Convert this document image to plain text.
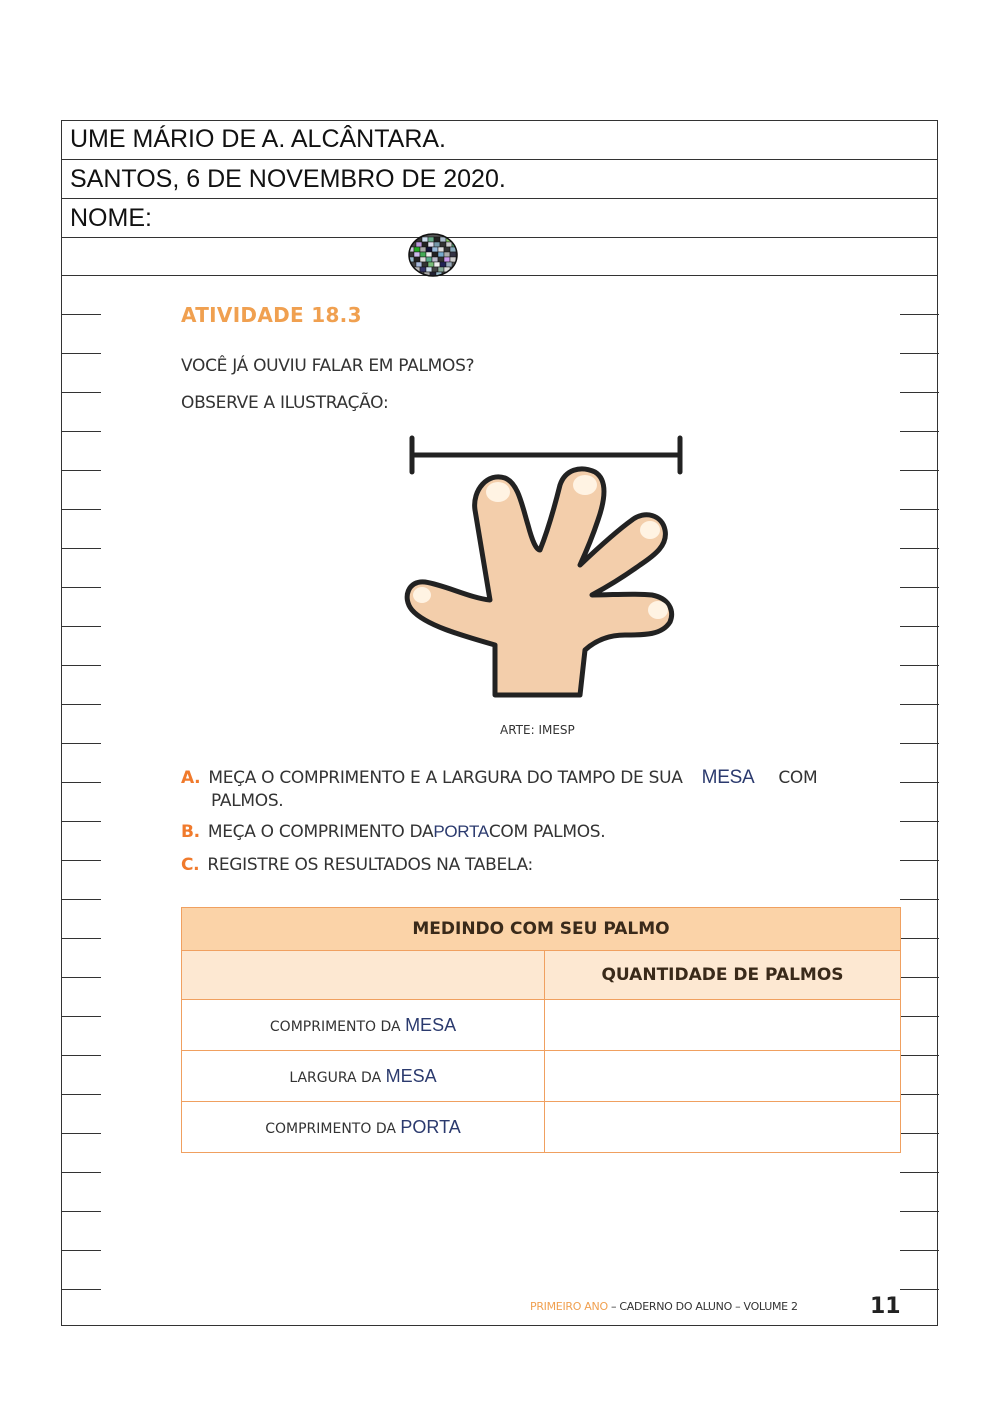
UME MÁRIO DE A. ALCÂNTARA.
SANTOS, 6 DE NOVEMBRO DE 2020.
NOME:
ATIVIDADE 18.3
VOCÊ JÁ OUVIU FALAR EM PALMOS?
OBSERVE A ILUSTRAÇÃO:
ARTE: IMESP
A. MEÇA O COMPRIMENTO E A LARGURA DO TAMPO DE SUA MESA COM
PALMOS.
B. MEÇA O COMPRIMENTO DAPORTACOM PALMOS.
C. REGISTRE OS RESULTADOS NA TABELA:
MEDINDO COM SEU PALMO	
	QUANTIDADE DE PALMOS
COMPRIMENTO DA MESA	
LARGURA DA MESA	
COMPRIMENTO DA PORTA	
PRIMEIRO ANO – CADERNO DO ALUNO – VOLUME 2	11
